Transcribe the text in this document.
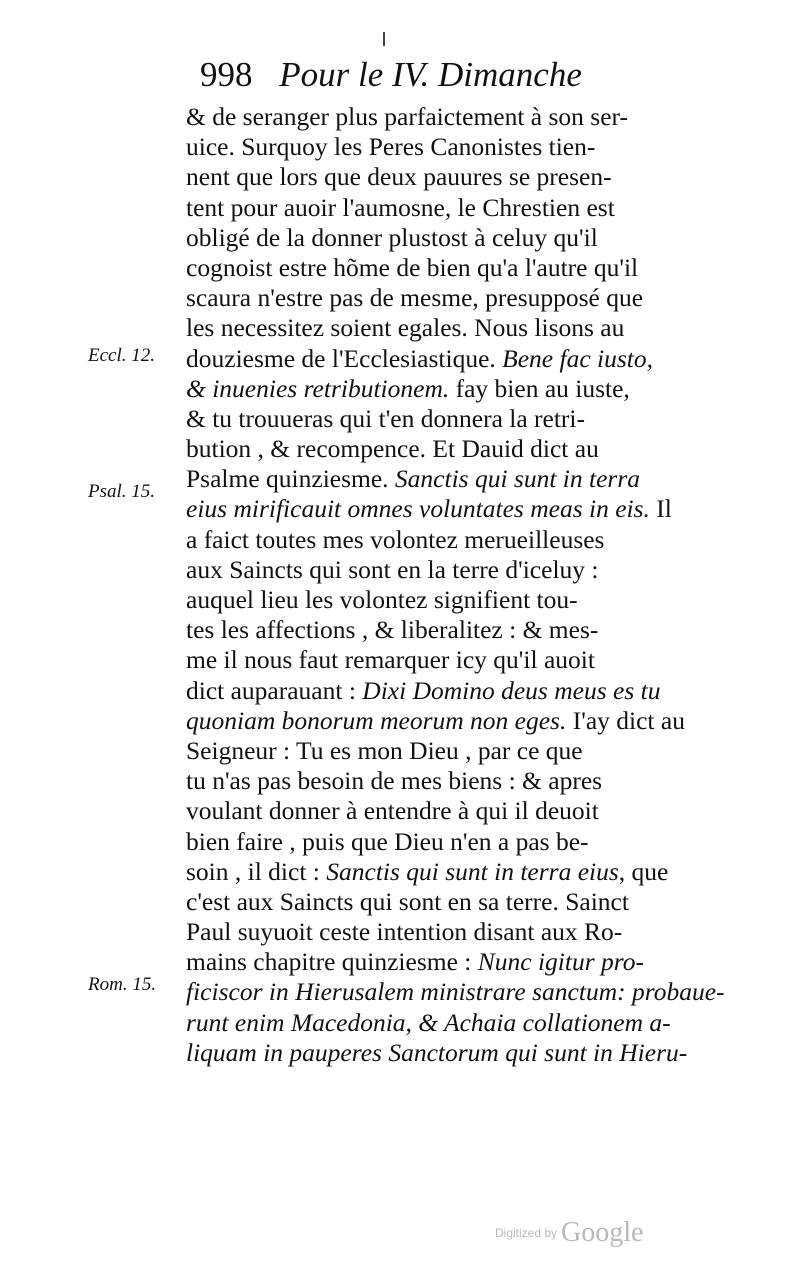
998 Pour le IV. Dimanche
Eccl. 12.
Psal. 15.
Rom. 15.
& de seranger plus parfaictement à son ser-
uice. Surquoy les Peres Canonistes tien-
nent que lors que deux pauures se presen-
tent pour auoir l'aumosne, le Chrestien est
obligé de la donner plustost à celuy qu'il
cognoist estre hõme de bien qu'a l'autre qu'il
scaura n'estre pas de mesme, presupposé que
les necessitez soient egales. Nous lisons au
douziesme de l'Ecclesiastique. Bene fac iusto,
& inuenies retributionem. fay bien au iuste,
& tu trouueras qui t'en donnera la retri-
bution , & recompence. Et Dauid dict au
Psalme quinziesme. Sanctis qui sunt in terra
eius mirificauit omnes voluntates meas in eis. Il
a faict toutes mes volontez merueilleuses
aux Saincts qui sont en la terre d'iceluy :
auquel lieu les volontez signifient tou-
tes les affections , & liberalitez : & mes-
me il nous faut remarquer icy qu'il auoit
dict auparauant : Dixi Domino deus meus es tu
quoniam bonorum meorum non eges. I'ay dict au
Seigneur : Tu es mon Dieu , par ce que
tu n'as pas besoin de mes biens : & apres
voulant donner à entendre à qui il deuoit
bien faire , puis que Dieu n'en a pas be-
soin , il dict : Sanctis qui sunt in terra eius, que
c'est aux Saincts qui sont en sa terre. Sainct
Paul suyuoit ceste intention disant aux Ro-
mains chapitre quinziesme : Nunc igitur pro-
ficiscor in Hierusalem ministrare sanctum: probaue-
runt enim Macedonia, & Achaia collationem a-
liquam in pauperes Sanctorum qui sunt in Hieru-
Digitized by Google
